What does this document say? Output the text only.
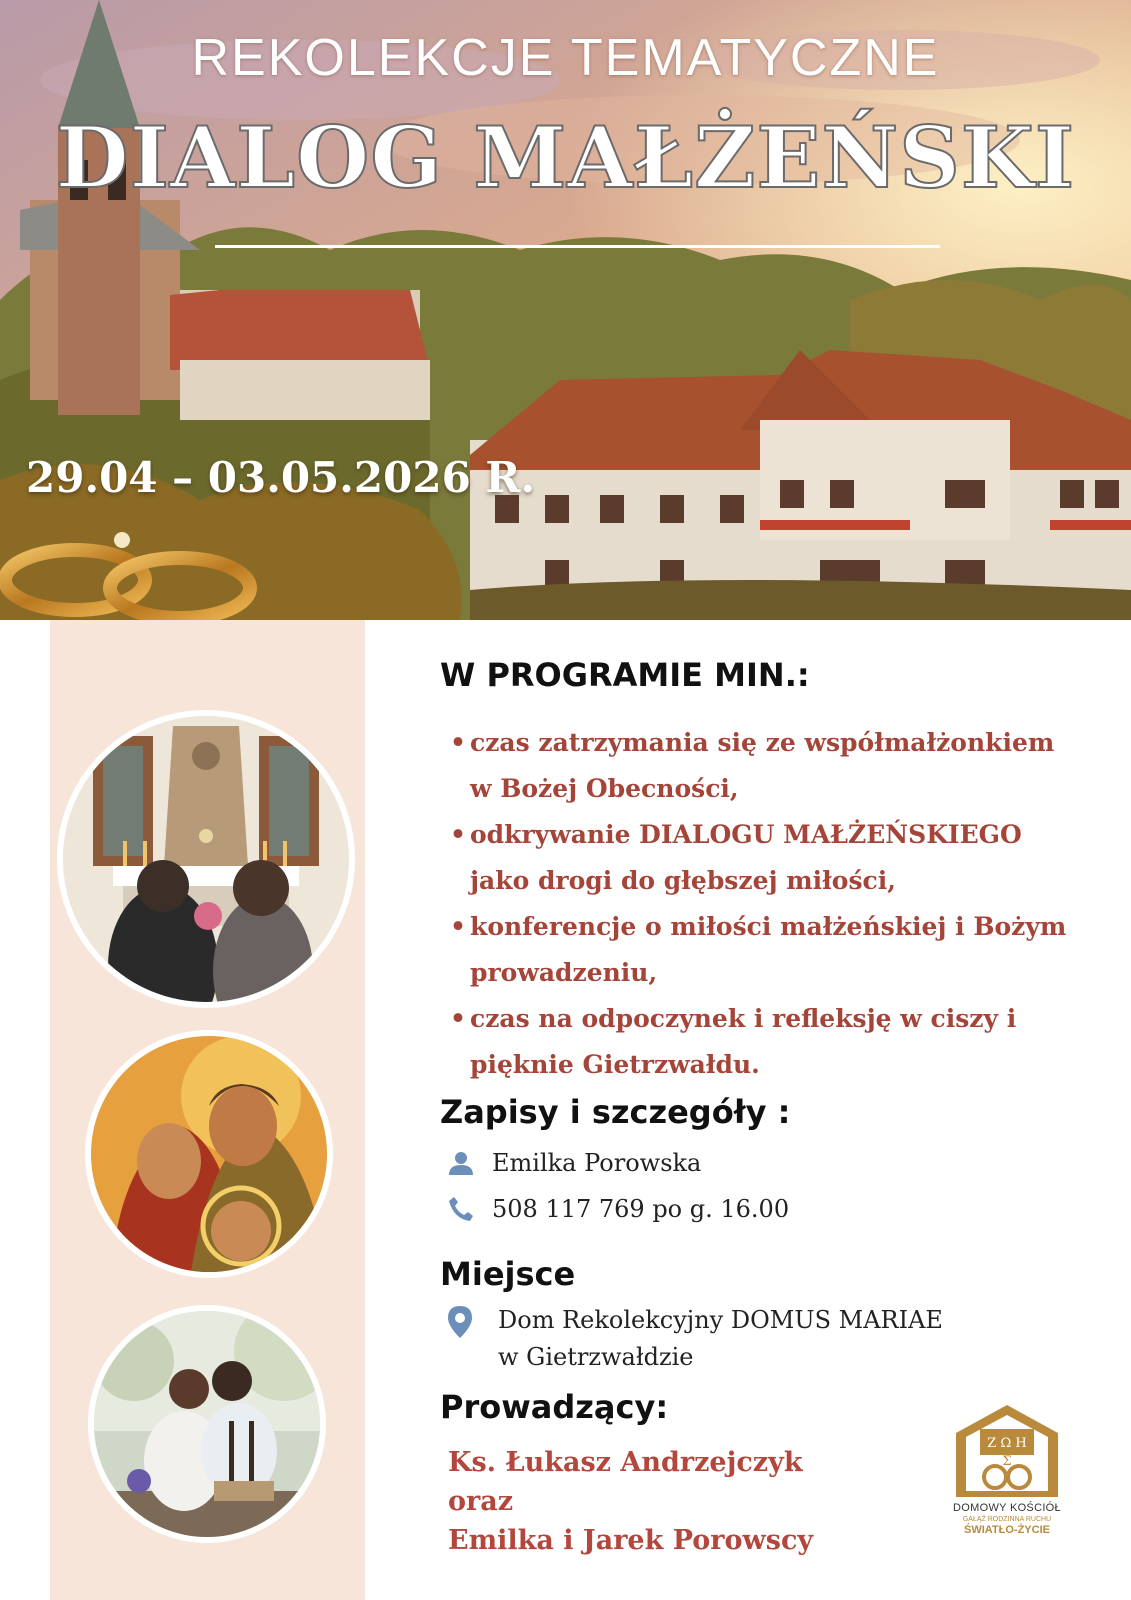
REKOLEKCJE TEMATYCZNE
DIALOG MAŁŻEŃSKI
29.04 – 03.05.2026 R.
W PROGRAMIE MIN.:
• czas zatrzymania się ze współmałżonkiem w Bożej Obecności,
• odkrywanie DIALOGU MAŁŻEŃSKIEGO jako drogi do głębszej miłości,
• konferencje o miłości małżeńskiej i Bożym prowadzeniu,
• czas na odpoczynek i refleksję w ciszy i pięknie Gietrzwałdu.
Zapisy i szczegóły :
Emilka Porowska
508 117 769 po g. 16.00
Miejsce
Dom Rekolekcyjny DOMUS MARIAE
w Gietrzwałdzie
Prowadzący:
Ks. Łukasz Andrzejczyk
oraz
Emilka i Jarek Porowscy
Ζ Ω Η
Σ
DOMOWY KOŚCIÓŁ
GAŁĄŹ RODZINNA RUCHU
ŚWIATŁO-ŻYCIE
